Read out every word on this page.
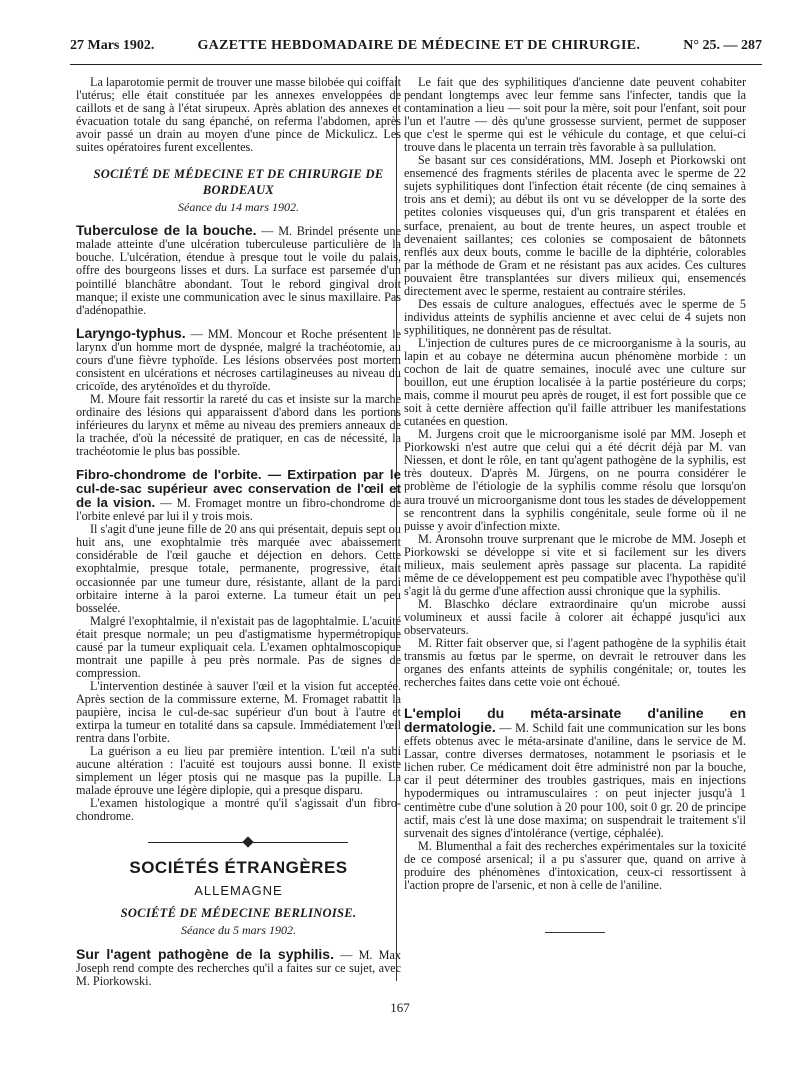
27 Mars 1902.	GAZETTE HEBDOMADAIRE DE MÉDECINE ET DE CHIRURGIE.	N° 25. — 287

La laparotomie permit de trouver une masse bilobée qui coiffait l'utérus; elle était constituée par les annexes enveloppées de caillots et de sang à l'état sirupeux. Après ablation des annexes et évacuation totale du sang épanché, on referma l'abdomen, après avoir passé un drain au moyen d'une pince de Mickulicz. Les suites opératoires furent excellentes.

SOCIÉTÉ DE MÉDECINE ET DE CHIRURGIE DE BORDEAUX

Séance du 14 mars 1902.

Tuberculose de la bouche. — M. Brindel présente une malade atteinte d'une ulcération tuberculeuse particulière de la bouche. L'ulcération, étendue à presque tout le voile du palais, offre des bourgeons lisses et durs. La surface est parsemée d'un pointillé blanchâtre abondant. Tout le rebord gingival droit manque; il existe une communication avec le sinus maxillaire. Pas d'adénopathie.

Laryngo-typhus. — MM. Moncour et Roche présentent le larynx d'un homme mort de dyspnée, malgré la trachéotomie, au cours d'une fièvre typhoïde. Les lésions observées post mortem consistent en ulcérations et nécroses cartilagineuses au niveau du cricoïde, des aryténoïdes et du thyroïde.

M. Moure fait ressortir la rareté du cas et insiste sur la marche ordinaire des lésions qui apparaissent d'abord dans les portions inférieures du larynx et même au niveau des premiers anneaux de la trachée, d'où la nécessité de pratiquer, en cas de nécessité, la trachéotomie le plus bas possible.

Fibro-chondrome de l'orbite. — Extirpation par le cul-de-sac supérieur avec conservation de l'œil et de la vision. — M. Fromaget montre un fibro-chondrome de l'orbite enlevé par lui il y trois mois.

Il s'agit d'une jeune fille de 20 ans qui présentait, depuis sept ou huit ans, une exophtalmie très marquée avec abaissement considérable de l'œil gauche et déjection en dehors. Cette exophtalmie, presque totale, permanente, progressive, était occasionnée par une tumeur dure, résistante, allant de la paroi orbitaire interne à la paroi externe. La tumeur était un peu bosselée.

Malgré l'exophtalmie, il n'existait pas de lagophtalmie. L'acuité était presque normale; un peu d'astigmatisme hypermétropique causé par la tumeur expliquait cela. L'examen ophtalmoscopique montrait une papille à peu près normale. Pas de signes de compression.

L'intervention destinée à sauver l'œil et la vision fut acceptée. Après section de la commissure externe, M. Fromaget rabattit la paupière, incisa le cul-de-sac supérieur d'un bout à l'autre et extirpa la tumeur en totalité dans sa capsule. Immédiatement l'œil rentra dans l'orbite.

La guérison a eu lieu par première intention. L'œil n'a subi aucune altération : l'acuité est toujours aussi bonne. Il existe simplement un léger ptosis qui ne masque pas la pupille. La malade éprouve une légère diplopie, qui a presque disparu.

L'examen histologique a montré qu'il s'agissait d'un fibro-chondrome.

SOCIÉTÉS ÉTRANGÈRES

ALLEMAGNE

SOCIÉTÉ DE MÉDECINE BERLINOISE.

Séance du 5 mars 1902.

Sur l'agent pathogène de la syphilis. — M. Max Joseph rend compte des recherches qu'il a faites sur ce sujet, avec M. Piorkowski.

Le fait que des syphilitiques d'ancienne date peuvent cohabiter pendant longtemps avec leur femme sans l'infecter, tandis que la contamination a lieu — soit pour la mère, soit pour l'enfant, soit pour l'un et l'autre — dès qu'une grossesse survient, permet de supposer que c'est le sperme qui est le véhicule du contage, et que celui-ci trouve dans le placenta un terrain très favorable à sa pullulation.

Se basant sur ces considérations, MM. Joseph et Piorkowski ont ensemencé des fragments stériles de placenta avec le sperme de 22 sujets syphilitiques dont l'infection était récente (de cinq semaines à trois ans et demi); au début ils ont vu se développer de la sorte des petites colonies visqueuses qui, d'un gris transparent et étalées en surface, prenaient, au bout de trente heures, un aspect trouble et devenaient saillantes; ces colonies se composaient de bâtonnets renflés aux deux bouts, comme le bacille de la diphtérie, colorables par la méthode de Gram et ne résistant pas aux acides. Ces cultures pouvaient être transplantées sur divers milieux qui, ensemencés directement avec le sperme, restaient au contraire stériles.

Des essais de culture analogues, effectués avec le sperme de 5 individus atteints de syphilis ancienne et avec celui de 4 sujets non syphilitiques, ne donnèrent pas de résultat.

L'injection de cultures pures de ce microorganisme à la souris, au lapin et au cobaye ne détermina aucun phénomène morbide : un cochon de lait de quatre semaines, inoculé avec une culture sur bouillon, eut une éruption localisée à la partie postérieure du corps; mais, comme il mourut peu après de rouget, il est fort possible que ce soit à cette dernière affection qu'il faille attribuer les manifestations cutanées en question.

M. Jurgens croit que le microorganisme isolé par MM. Joseph et Piorkowski n'est autre que celui qui a été décrit déjà par M. van Niessen, et dont le rôle, en tant qu'agent pathogène de la syphilis, est très douteux. D'après M. Jürgens, on ne pourra considérer le problème de l'étiologie de la syphilis comme résolu que lorsqu'on aura trouvé un microorganisme dont tous les stades de développement se rencontrent dans la syphilis congénitale, seule forme où il ne puisse y avoir d'infection mixte.

M. Aronsohn trouve surprenant que le microbe de MM. Joseph et Piorkowski se développe si vite et si facilement sur les divers milieux, mais seulement après passage sur placenta. La rapidité même de ce développement est peu compatible avec l'hypothèse qu'il s'agit là du germe d'une affection aussi chronique que la syphilis.

M. Blaschko déclare extraordinaire qu'un microbe aussi volumineux et aussi facile à colorer ait échappé jusqu'ici aux observateurs.

M. Ritter fait observer que, si l'agent pathogène de la syphilis était transmis au fœtus par le sperme, on devrait le retrouver dans les organes des enfants atteints de syphilis congénitale; or, toutes les recherches faites dans cette voie ont échoué.

L'emploi du méta-arsinate d'aniline en dermatologie. — M. Schild fait une communication sur les bons effets obtenus avec le méta-arsinate d'aniline, dans le service de M. Lassar, contre diverses dermatoses, notamment le psoriasis et le lichen ruber. Ce médicament doit être administré non par la bouche, car il peut déterminer des troubles gastriques, mais en injections hypodermiques ou intramusculaires : on peut injecter jusqu'à 1 centimètre cube d'une solution à 20 pour 100, soit 0 gr. 20 de principe actif, mais c'est là une dose maxima; on suspendrait le traitement s'il survenait des signes d'intolérance (vertige, céphalée).

M. Blumenthal a fait des recherches expérimentales sur la toxicité de ce composé arsenical; il a pu s'assurer que, quand on arrive à produire des phénomènes d'intoxication, ceux-ci ressortissent à l'action propre de l'arsenic, et non à celle de l'aniline.

167
